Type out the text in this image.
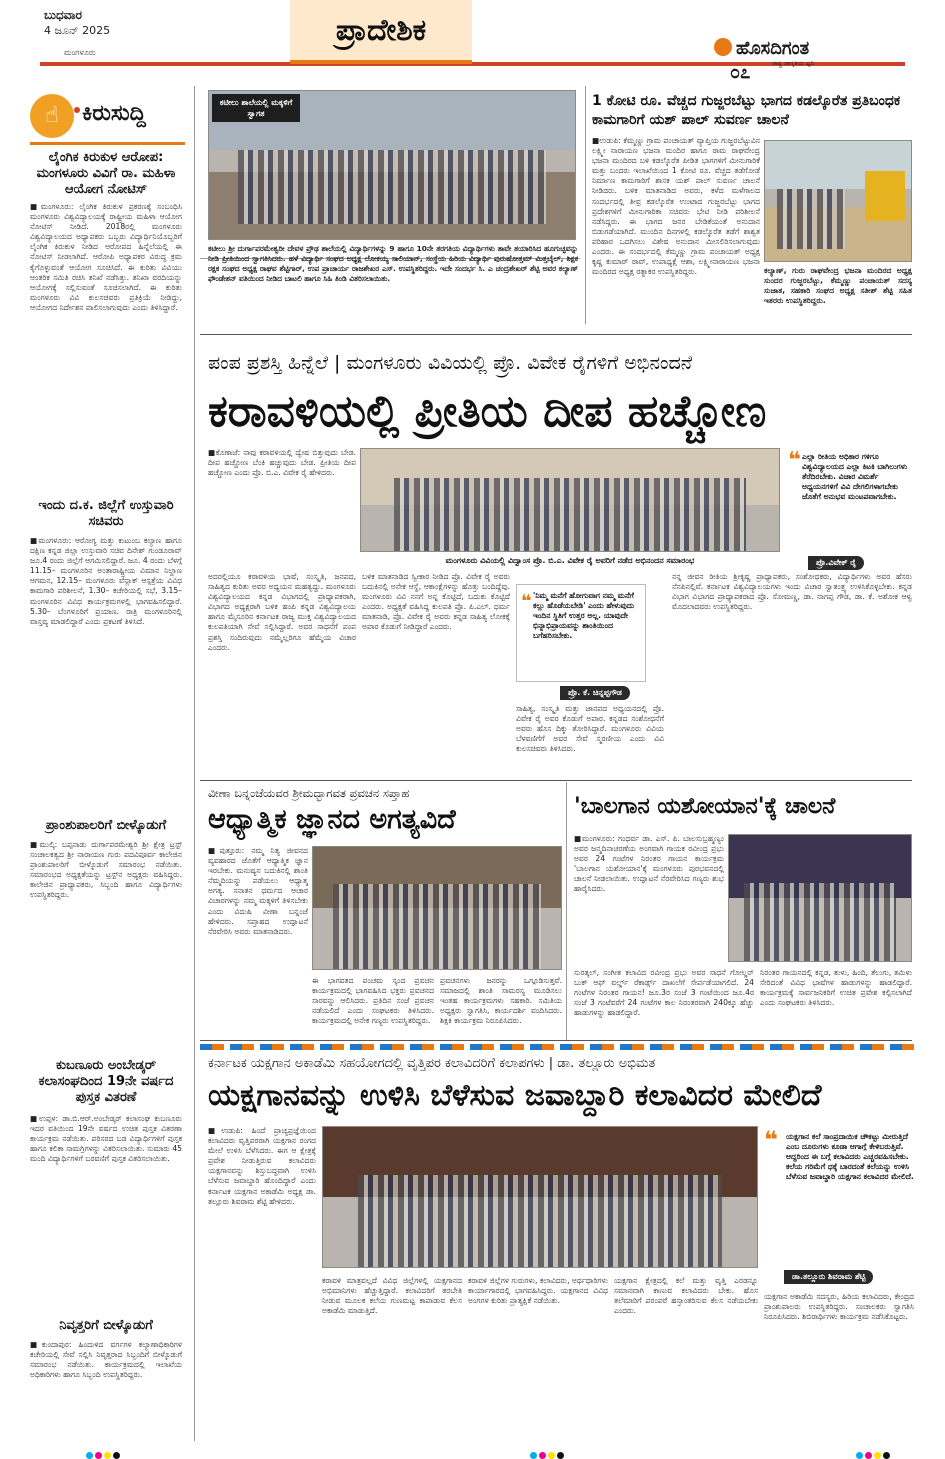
ಬುಧವಾರ
4 ಜೂನ್ 2025
ಮಂಗಳೂರು
ಪ್ರಾದೇಶಿಕ
ಹೊಸದಿಗಂತ
ರಾಷ್ಟ್ರ ಜಾಗೃತಿಯ ಧ್ವನಿ
೦೭
☝	ಕಿರುಸುದ್ದಿ
ಲೈಂಗಿಕ ಕಿರುಕುಳ ಆರೋಪ: ಮಂಗಳೂರು ವಿವಿಗೆ ರಾ. ಮಹಿಳಾ ಆಯೋಗ ನೋಟಿಸ್
■ಮಂಗಳೂರು: ಲೈಂಗಿಕ ಕಿರುಕುಳ ಪ್ರಕರಣಕ್ಕೆ ಸಂಬಂಧಿಸಿ ಮಂಗಳೂರು ವಿಶ್ವವಿದ್ಯಾಲಯಕ್ಕೆ ರಾಷ್ಟ್ರೀಯ ಮಹಿಳಾ ಆಯೋಗ ನೋಟಿಸ್ ನೀಡಿದೆ. 2018ರಲ್ಲಿ ಮಂಗಳೂರು ವಿಶ್ವವಿದ್ಯಾಲಯದ ಅಧ್ಯಾಪಕರು ಒಬ್ಬರು ವಿದ್ಯಾರ್ಥಿನಿಯೊಬ್ಬರಿಗೆ ಲೈಂಗಿಕ ಕಿರುಕುಳ ನೀಡಿದ ಆರೋಪದ ಹಿನ್ನೆಲೆಯಲ್ಲಿ ಈ ನೋಟಿಸ್ ನೀಡಲಾಗಿದೆ. ಆರೋಪಿ ಅಧ್ಯಾಪಕರ ವಿರುದ್ಧ ಕ್ರಮ ಕೈಗೊಳ್ಳುವಂತೆ ಆಯೋಗ ಸೂಚಿಸಿದೆ. ಈ ಕುರಿತು ವಿವಿಯು ಆಂತರಿಕ ಸಮಿತಿ ರಚಿಸಿ ತನಿಖೆ ನಡೆಸಿತ್ತು. ತನಿಖಾ ವರದಿಯನ್ನು ಆಯೋಗಕ್ಕೆ ಸಲ್ಲಿಸುವಂತೆ ಸೂಚಿಸಲಾಗಿದೆ. ಈ ಕುರಿತು ಮಂಗಳೂರು ವಿವಿ ಕುಲಸಚಿವರು ಪ್ರತಿಕ್ರಿಯೆ ನೀಡಿದ್ದು, ಆಯೋಗದ ನಿರ್ದೇಶನ ಪಾಲಿಸಲಾಗುವುದು ಎಂದು ತಿಳಿಸಿದ್ದಾರೆ.
ಇಂದು ದ.ಕ. ಜಿಲ್ಲೆಗೆ ಉಸ್ತುವಾರಿ ಸಚಿವರು
■ಮಂಗಳೂರು: ಆರೋಗ್ಯ ಮತ್ತು ಕುಟುಂಬ ಕಲ್ಯಾಣ ಹಾಗೂ ದಕ್ಷಿಣ ಕನ್ನಡ ಜಿಲ್ಲಾ ಉಸ್ತುವಾರಿ ಸಚಿವ ದಿನೇಶ್ ಗುಂಡೂರಾವ್ ಜೂ.4 ರಂದು ಜಿಲ್ಲೆಗೆ ಆಗಮಿಸಲಿದ್ದಾರೆ. ಜೂ. 4 ರಂದು ಬೆಳಗ್ಗೆ 11.15– ಮಂಗಳೂರಿನ ಅಂತಾರಾಷ್ಟ್ರೀಯ ವಿಮಾನ ನಿಲ್ದಾಣ ಆಗಮನ, 12.15– ಮಂಗಳೂರು ವೆನ್ಲಾಕ್ ಆಸ್ಪತ್ರೆಯ ವಿವಿಧ ಕಾಮಗಾರಿ ಪರಿಶೀಲನೆ, 1.30– ಕಚೇರಿಯಲ್ಲಿ ಸಭೆ, 3.15– ಮಂಗಳೂರಿನ ವಿವಿಧ ಕಾರ್ಯಕ್ರಮಗಳಲ್ಲಿ ಭಾಗವಹಿಸಲಿದ್ದಾರೆ. 5.30– ಬೆಂಗಳೂರಿಗೆ ಪ್ರಯಾಣ. ರಾತ್ರಿ ಮಂಗಳೂರಿನಲ್ಲಿ ವಾಸ್ತವ್ಯ ಮಾಡಲಿದ್ದಾರೆ ಎಂದು ಪ್ರಕಟಣೆ ತಿಳಿಸಿದೆ.
ಪ್ರಾಂಶುಪಾಲರಿಗೆ ಬೀಳ್ಕೊಡುಗೆ
■ಮುಲ್ಕಿ: ಬಪ್ಪನಾಡು ದುರ್ಗಾಪರಮೇಶ್ವರಿ ಶ್ರೀ ಕ್ಷೇತ್ರ ಟ್ರಸ್ಟ್ ಸಂಚಾಲಕತ್ವದ ಶ್ರೀ ನಾರಾಯಣ ಗುರು ಪದವಿಪೂರ್ವ ಕಾಲೇಜಿನ ಪ್ರಾಂಶುಪಾಲರಿಗೆ ಬೀಳ್ಕೊಡುಗೆ ಸಮಾರಂಭ ನಡೆಯಿತು. ಸಮಾರಂಭದ ಅಧ್ಯಕ್ಷತೆಯನ್ನು ಟ್ರಸ್ಟ್‌ನ ಅಧ್ಯಕ್ಷರು ವಹಿಸಿದ್ದರು. ಕಾಲೇಜಿನ ಪ್ರಾಧ್ಯಾಪಕರು, ಸಿಬ್ಬಂದಿ ಹಾಗೂ ವಿದ್ಯಾರ್ಥಿಗಳು ಉಪಸ್ಥಿತರಿದ್ದರು.
ಕುಬಣೂರು ಅಂಬೇಡ್ಕರ್ ಕಲಾಸಂಘದಿಂದ 19ನೇ ವರ್ಷದ ಪುಸ್ತಕ ವಿತರಣೆ
■ಉಪ್ಪಳ: ಡಾ.ಬಿ.ಆರ್.ಅಂಬೇಡ್ಕರ್ ಕಲಾಸಂಘ ಕುಬಣೂರು ಇದರ ವತಿಯಿಂದ 19ನೇ ವರ್ಷದ ಉಚಿತ ಪುಸ್ತಕ ವಿತರಣಾ ಕಾರ್ಯಕ್ರಮ ನಡೆಯಿತು. ಪರಿಸರದ ಬಡ ವಿದ್ಯಾರ್ಥಿಗಳಿಗೆ ಪುಸ್ತಕ ಹಾಗೂ ಕಲಿಕಾ ಸಾಮಗ್ರಿಗಳನ್ನು ವಿತರಿಸಲಾಯಿತು. ಸುಮಾರು 45 ಮಂದಿ ವಿದ್ಯಾರ್ಥಿಗಳಿಗೆ ಬರವಣಿಗೆ ಪುಸ್ತಕ ವಿತರಿಸಲಾಯಿತು.
ನಿವೃತ್ತರಿಗೆ ಬೀಳ್ಕೊಡುಗೆ
■ಕುಂದಾಪುರ: ಹಿಂದುಳಿದ ವರ್ಗಗಳ ಕಲ್ಯಾಣಾಧಿಕಾರಿಗಳ ಕಚೇರಿಯಲ್ಲಿ ಸೇವೆ ಸಲ್ಲಿಸಿ ನಿವೃತ್ತರಾದ ಸಿಬ್ಬಂದಿಗೆ ಬೀಳ್ಕೊಡುಗೆ ಸಮಾರಂಭ ನಡೆಯಿತು. ಕಾರ್ಯಕ್ರಮದಲ್ಲಿ ಇಲಾಖೆಯ ಅಧಿಕಾರಿಗಳು ಹಾಗೂ ಸಿಬ್ಬಂದಿ ಉಪಸ್ಥಿತರಿದ್ದರು.
ಕಟೀಲು ಶಾಲೆಯಲ್ಲಿ ಮಕ್ಕಳಿಗೆ ಸ್ವಾಗತ
ಕಟೀಲು ಶ್ರೀ ದುರ್ಗಾಪರಮೇಶ್ವರೀ ದೇವಳ ಪ್ರೌಢ ಶಾಲೆಯಲ್ಲಿ ವಿದ್ಯಾರ್ಥಿಗಳನ್ನು 9 ಹಾಗೂ 10ನೇ ತರಗತಿಯ ವಿದ್ಯಾರ್ಥಿಗಳು ತಾವೇ ತಯಾರಿಸಿದ ಹೂಗುಚ್ಛವನ್ನು ನೀಡಿ ಪ್ರೀತಿಯಿಂದ ಸ್ವಾಗತಿಸಿದರು. ಹಳೆ ವಿದ್ಯಾರ್ಥಿ ಸಂಘದ ಅಧ್ಯಕ್ಷ ಲೋಕಯ್ಯ ಸಾಲಿಯಾನ್, ಸಂಸ್ಥೆಯ ಹಿರಿಯ ವಿದ್ಯಾರ್ಥಿ ಪುರುಷೋತ್ತಮ್ ಮಿತ್ತಬೈಲ್, ಶಿಕ್ಷಕ ರಕ್ಷಕ ಸಂಘದ ಅಧ್ಯಕ್ಷ ರಾಘವ ಶೆಟ್ಟಿಗಾರ್, ಉಪ ಪ್ರಾಚಾರ್ಯ ರಾಜಶೇಖರ ಎಸ್. ಉಪಸ್ಥಿತರಿದ್ದರು. ಇದೇ ಸಂದರ್ಭ ಸಿ. ಎ ಚಂದ್ರಶೇಖರ್ ಶೆಟ್ಟಿ ಅವರ ಕಲ್ಯಾಣ್ ಫೌಂಡೇಶನ್ ವತಿಯಿಂದ ನೀಡಿದ ಬಾಟಲಿ ಹಾಗೂ ಸಿಹಿ ತಿಂಡಿ ವಿತರಿಸಲಾಯಿತು.
1 ಕೋಟಿ ರೂ. ವೆಚ್ಚದ ಗುಜ್ಜರಬೆಟ್ಟು ಭಾಗದ ಕಡಲ್ಕೊರೆತ ಪ್ರತಿಬಂಧಕ ಕಾಮಗಾರಿಗೆ ಯಶ್ ಪಾಲ್ ಸುವರ್ಣ ಚಾಲನೆ
■ಉಡುಪಿ: ಕೆಮ್ಮಣ್ಣು ಗ್ರಾಮ ಪಂಚಾಯತ್ ವ್ಯಾಪ್ತಿಯ ಗುಜ್ಜರಬೆಟ್ಟುವಿನ ಲಕ್ಷ್ಮೀ ನಾರಾಯಣ ಭಜನಾ ಮಂದಿರ ಹಾಗೂ ರಾಮ ರಾಘವೇಂದ್ರ ಭಜನಾ ಮಂದಿರದ ಬಳಿ ಕಡಲ್ಕೊರೆತ ಪೀಡಿತ ಭಾಗಗಳಿಗೆ ಮೀನುಗಾರಿಕೆ ಮತ್ತು ಬಂದರು ಇಲಾಖೆಯಿಂದ 1 ಕೋಟಿ ರೂ. ವೆಚ್ಚದ ತಡೆಗೋಡೆ ನಿರ್ಮಾಣ ಕಾಮಗಾರಿಗೆ ಶಾಸಕ ಯಶ್ ಪಾಲ್ ಸುವರ್ಣ ಚಾಲನೆ ನೀಡಿದರು. ಬಳಿಕ ಮಾತನಾಡಿದ ಅವರು, ಕಳೆದ ಮಳೆಗಾಲದ ಸಂದರ್ಭದಲ್ಲಿ ತೀವ್ರ ಕಡಲ್ಕೊರೆತ ಉಂಟಾದ ಗುಜ್ಜರಬೆಟ್ಟು ಭಾಗದ ಪ್ರದೇಶಗಳಿಗೆ ಮೀನುಗಾರಿಕಾ ಸಚಿವರು ಭೇಟಿ ನೀಡಿ ಪರಿಶೀಲನೆ ನಡೆಸಿದ್ದರು. ಈ ಭಾಗದ ಜನರ ಬೇಡಿಕೆಯಂತೆ ಅನುದಾನ ಬಿಡುಗಡೆಯಾಗಿದೆ. ಮುಂದಿನ ದಿನಗಳಲ್ಲಿ ಕಡಲ್ಕೊರೆತ ತಡೆಗೆ ಶಾಶ್ವತ ಪರಿಹಾರ ಒದಗಿಸಲು ವಿಶೇಷ ಅನುದಾನ ಮೀಸಲಿರಿಸಲಾಗುವುದು ಎಂದರು. ಈ ಸಂದರ್ಭದಲ್ಲಿ ಕೆಮ್ಮಣ್ಣು ಗ್ರಾಮ ಪಂಚಾಯತ್ ಅಧ್ಯಕ್ಷ ಕೃಷ್ಣ ಕುಮಾರ್ ರಾವ್, ಉಪಾಧ್ಯಕ್ಷೆ ಆಶಾ, ಲಕ್ಷ್ಮೀನಾರಾಯಣ ಭಜನಾ ಮಂದಿರದ ಅಧ್ಯಕ್ಷ ರತ್ನಾಕರ ಉಪಸ್ಥಿತರಿದ್ದರು.	ಕಲ್ಯಾಣ್, ಗುರು ರಾಘವೇಂದ್ರ ಭಜನಾ ಮಂದಿರದ ಅಧ್ಯಕ್ಷ ಸುಂದರ ಗುಜ್ಜರಬೆಟ್ಟು, ಕೆಮ್ಮಣ್ಣು ಪಂಚಾಯತ್ ಸದಸ್ಯ ಸುಜಾತ, ಸಹಕಾರಿ ಸಂಘದ ಅಧ್ಯಕ್ಷ ಸತೀಶ್ ಶೆಟ್ಟಿ ಸಹಿತ ಇತರರು ಉಪಸ್ಥಿತರಿದ್ದರು.
ಪಂಪ ಪ್ರಶಸ್ತಿ ಹಿನ್ನೆಲೆ | ಮಂಗಳೂರು ವಿವಿಯಲ್ಲಿ ಪ್ರೊ. ವಿವೇಕ ರೈಗಳಿಗೆ ಅಭಿನಂದನೆ
ಕರಾವಳಿಯಲ್ಲಿ ಪ್ರೀತಿಯ ದೀಪ ಹಚ್ಚೋಣ
■ಕೊಣಾಜೆ: ನಾವು ಕರಾವಳಿಯಲ್ಲಿ ದ್ವೇಷ ಬಿತ್ತುವುದು ಬೇಡ. ದೀಪ ಹಚ್ಚೋಣ ಬೆಂಕಿ ಹಚ್ಚುವುದು ಬೇಡ. ಪ್ರೀತಿಯ ದೀಪ ಹಚ್ಚೋಣ ಎಂದು ಪ್ರೊ. ಬಿ.ಎ. ವಿವೇಕ ರೈ ಹೇಳಿದರು.
ಮಂಗಳೂರು ವಿವಿಯಲ್ಲಿ ವಿದ್ವಾಂಸ ಪ್ರೊ. ಬಿ.ಎ. ವಿವೇಕ ರೈ ಅವರಿಗೆ ನಡೆದ ಅಭಿನಂದನ ಸಮಾರಂಭ
❝ ಎಲ್ಲಾ ರೀತಿಯ ಅಧಿಕಾರ ಗಳಿಗೂ ವಿಶ್ವವಿದ್ಯಾಲಯದ ಎಲ್ಲಾ ಕಿಟಕಿ ಬಾಗಿಲುಗಳು ತೆರೆದಿರಬೇಕು. ವಿಚಾರ ವಿಮರ್ಶೆ ಅಧ್ಯಯನಗಳಿಗೆ ವಿವಿ ದೇಗಲಿಗಳಾಗಬೇಕು ಜೊತೆಗೆ ಅನುಭವ ಮಂಟಪವಾಗಬೇಕು.
ಪ್ರೊ.ವಿವೇಕ್ ರೈ
ಅದರಲ್ಲಿಯೂ ಕರಾವಳಿಯ ಭಾಷೆ, ಸಂಸ್ಕೃತಿ, ಜನಪದ, ಸಾಹಿತ್ಯದ ಕುರಿತು ಅವರ ಅಧ್ಯಯನ ಮಹತ್ವದ್ದು. ಮಂಗಳೂರು ವಿಶ್ವವಿದ್ಯಾಲಯದ ಕನ್ನಡ ವಿಭಾಗದಲ್ಲಿ ಪ್ರಾಧ್ಯಾಪಕರಾಗಿ, ವಿಭಾಗದ ಅಧ್ಯಕ್ಷರಾಗಿ ಬಳಿಕ ಹಂಪಿ ಕನ್ನಡ ವಿಶ್ವವಿದ್ಯಾಲಯ ಹಾಗೂ ಮೈಸೂರಿನ ಕರ್ನಾಟಕ ರಾಜ್ಯ ಮುಕ್ತ ವಿಶ್ವವಿದ್ಯಾಲಯದ ಕುಲಪತಿಯಾಗಿ ಸೇವೆ ಸಲ್ಲಿಸಿದ್ದಾರೆ. ಅವರ ಸಾಧನೆಗೆ ಪಂಪ ಪ್ರಶಸ್ತಿ ಸಂದಿರುವುದು ನಮ್ಮೆಲ್ಲರಿಗೂ ಹೆಮ್ಮೆಯ ವಿಚಾರ ಎಂದರು.
ಬಳಿಕ ಮಾತನಾಡಿದ ಸ್ವೀಕಾರ ನೀಡಿದ ಪ್ರೊ. ವಿವೇಕ ರೈ ಅವರು ಬದುಕಿನಲ್ಲಿ ಅನೇಕ ಆಸ್ಥೆ, ಆಕಾಂಕ್ಷೆಗಳನ್ನು ಹೊತ್ತು ಬಂದಿದ್ದೆವು. ಮಂಗಳೂರು ವಿವಿ ನನಗೆ ಅನ್ನ ಕೊಟ್ಟಿದೆ, ಬದುಕು ಕೊಟ್ಟಿದೆ ಎಂದರು. ಅಧ್ಯಕ್ಷತೆ ವಹಿಸಿದ್ದ ಕುಲಪತಿ ಪ್ರೊ. ಪಿ.ಎಲ್. ಧರ್ಮ ಮಾತನಾಡಿ, ಪ್ರೊ. ವಿವೇಕ ರೈ ಅವರು ಕನ್ನಡ ಸಾಹಿತ್ಯ ಲೋಕಕ್ಕೆ ಅಪಾರ ಕೊಡುಗೆ ನೀಡಿದ್ದಾರೆ ಎಂದರು.
❝ 'ನಿಮ್ಮ ಮನೆಗೆ ಹೋಗುವಾಗ ನಮ್ಮ ಮನೆಗೆ ಕಲ್ಲು ಹೊಡೆಯಬೇಡಿ' ಎಂದು ಹೇಳುವುದು ಇಂದಿನ ಸ್ಥಿತಿಗೆ ಉತ್ತರ ಅಲ್ಲ. ಯಾವುದೇ ಭಿನ್ನಾಭಿಪ್ರಾಯವನ್ನು ಶಾಂತಿಯಿಂದ ಬಗೆಹರಿಸಬೇಕು.
ಪ್ರೊ. ಕೆ. ಚಿನ್ನಪ್ಪಗೌಡ
ಸಾಹಿತ್ಯ, ಸಂಸ್ಕೃತಿ ಮತ್ತು ಜಾನಪದ ಅಧ್ಯಯನದಲ್ಲಿ ಪ್ರೊ. ವಿವೇಕ ರೈ ಅವರ ಕೊಡುಗೆ ಅಪಾರ. ಕನ್ನಡದ ಸಂಶೋಧನೆಗೆ ಅವರು ಹೊಸ ದಿಕ್ಕು ತೋರಿಸಿದ್ದಾರೆ. ಮಂಗಳೂರು ವಿವಿಯ ಬೆಳವಣಿಗೆಗೆ ಅವರ ಸೇವೆ ಸ್ಮರಣೀಯ ಎಂದು ವಿವಿ ಕುಲಸಚಿವರು ತಿಳಿಸಿದರು.
ನನ್ನ ಜೀವನ ರೀತಿಯ ಶ್ರೀಕೃಷ್ಣ ಪ್ರಾಧ್ಯಾಪಕರು, ಸಂಶೋಧಕರು, ವಿದ್ಯಾರ್ಥಿಗಳು ಅವರ ಹೆಸರು ನೆನಪಿನಲ್ಲಿವೆ. ಕರ್ನಾಟಕ ವಿಶ್ವವಿದ್ಯಾಲಯಗಳು ಇಂದು ವಿಚಾರ ಸ್ವಾತಂತ್ರ್ಯ ಉಳಿಸಿಕೊಳ್ಳಬೇಕು. ಕನ್ನಡ ವಿಭಾಗ ವಿಭಾಗದ ಪ್ರಾಧ್ಯಾಪಕರಾದ ಪ್ರೊ. ಸೋಮಣ್ಣ, ಡಾ. ನಾಗಪ್ಪ ಗೌಡ, ಡಾ. ಕೆ. ಅಶೋಕ ಆಳ್ವ ಮೊದಲಾದವರು ಉಪಸ್ಥಿತರಿದ್ದರು.
ವೀಣಾ ಬನ್ನಂಜೆಯವರ ಶ್ರೀಮದ್ಭಾಗವತ ಪ್ರವಚನ ಸಪ್ತಾಹ
ಆಧ್ಯಾತ್ಮಿಕ ಜ್ಞಾನದ ಅಗತ್ಯವಿದೆ
■ಪುತ್ತೂರು: ನಮ್ಮ ನಿತ್ಯ ಜೀವನದ ವ್ಯವಹಾರದ ಜೊತೆಗೆ ಆಧ್ಯಾತ್ಮಿಕ ಜ್ಞಾನ ಇರಬೇಕು. ಮನುಷ್ಯನ ಬದುಕಿನಲ್ಲಿ ಶಾಂತಿ ನೆಮ್ಮದಿಯನ್ನು ಪಡೆಯಲು ಆಧ್ಯಾತ್ಮ ಅಗತ್ಯ. ಸನಾತನ ಧರ್ಮದ ಆಚಾರ ವಿಚಾರಗಳನ್ನು ನಮ್ಮ ಮಕ್ಕಳಿಗೆ ತಿಳಿಸಬೇಕು ಎಂದು ವಿದುಷಿ ವೀಣಾ ಬನ್ನಂಜೆ ಹೇಳಿದರು. ಸಪ್ತಾಹದ ಉದ್ಘಾಟನೆ ನೆರವೇರಿಸಿ ಅವರು ಮಾತನಾಡಿದರು.
ಈ ಭಾಗವತದ ಪಂಚಮ ಸ್ಕಂದ ಪ್ರವಚನ ಕಾರ್ಯಕ್ರಮದಲ್ಲಿ ಭಾಗವಹಿಸಿದ ಭಕ್ತರು ಪ್ರವಚನದ ಸಾರವನ್ನು ಆಲಿಸಿದರು. ಪ್ರತಿದಿನ ಸಂಜೆ ಪ್ರವಚನ ನಡೆಯಲಿದೆ ಎಂದು ಸಂಘಟಕರು ತಿಳಿಸಿದರು. ಕಾರ್ಯಕ್ರಮದಲ್ಲಿ ಅನೇಕ ಗಣ್ಯರು ಉಪಸ್ಥಿತರಿದ್ದರು.
ಪ್ರವಚನಗಳು ಜನರನ್ನು ಒಗ್ಗೂಡಿಸುತ್ತವೆ. ಸಮಾಜದಲ್ಲಿ ಶಾಂತಿ ಸಾಮರಸ್ಯ ಮೂಡಿಸಲು ಇಂತಹ ಕಾರ್ಯಕ್ರಮಗಳು ಸಹಕಾರಿ. ಸಮಿತಿಯ ಅಧ್ಯಕ್ಷರು ಸ್ವಾಗತಿಸಿ, ಕಾರ್ಯದರ್ಶಿ ವಂದಿಸಿದರು. ಶಿಕ್ಷಕಿ ಕಾರ್ಯಕ್ರಮ ನಿರೂಪಿಸಿದರು.
'ಬಾಲಗಾನ ಯಶೋಯಾನ'ಕ್ಕೆ ಚಾಲನೆ
■ಮಂಗಳೂರು: ಗಂಧರ್ವ ಡಾ. ಎಸ್. ಪಿ. ಬಾಲಸುಬ್ರಹ್ಮಣ್ಯಂ ಅವರ ಜನ್ಮದಿನಾಚರಣೆಯ ಅಂಗವಾಗಿ ಗಾಯಕ ರವೀಂದ್ರ ಪ್ರಭು ಅವರ 24 ಗಂಟೆಗಳ ನಿರಂತರ ಗಾಯನ ಕಾರ್ಯಕ್ರಮ 'ಬಾಲಗಾನ ಯಶೋಯಾನ'ಕ್ಕೆ ಮಂಗಳೂರು ಪುರಭವನದಲ್ಲಿ ಚಾಲನೆ ನೀಡಲಾಯಿತು. ಉದ್ಘಾಟನೆ ನೆರವೇರಿಸಿದ ಗಣ್ಯರು ಶುಭ ಹಾರೈಸಿದರು.
ಸುರತ್ಕಲ್, ಸಂಗೀತ ಕಲಾವಿದ ರವೀಂದ್ರ ಪ್ರಭು ಅವರ ಸಾಧನೆ ಗೋಲ್ಡನ್ ಬುಕ್ ಆಫ್ ವರ್ಲ್ಡ್ ರೆಕಾರ್ಡ್ಸ್ ದಾಖಲೆಗೆ ಸೇರ್ಪಡೆಯಾಗಲಿದೆ. 24 ಗಂಟೆಗಳ ನಿರಂತರ ಗಾಯನ! ಜೂ.3ರ ಸಂಜೆ 3 ಗಂಟೆಯಿಂದ ಜೂ.4ರ ಸಂಜೆ 3 ಗಂಟೆವರೆಗೆ 24 ಗಂಟೆಗಳ ಕಾಲ ನಿರಂತರವಾಗಿ 240ಕ್ಕೂ ಹೆಚ್ಚು ಹಾಡುಗಳನ್ನು ಹಾಡಲಿದ್ದಾರೆ.
ನಿರಂತರ ಗಾಯನದಲ್ಲಿ ಕನ್ನಡ, ತುಳು, ಹಿಂದಿ, ತೆಲುಗು, ತಮಿಳು ಸೇರಿದಂತೆ ವಿವಿಧ ಭಾಷೆಗಳ ಹಾಡುಗಳನ್ನು ಹಾಡಲಿದ್ದಾರೆ. ಕಾರ್ಯಕ್ರಮಕ್ಕೆ ಸಾರ್ವಜನಿಕರಿಗೆ ಉಚಿತ ಪ್ರವೇಶ ಕಲ್ಪಿಸಲಾಗಿದೆ ಎಂದು ಸಂಘಟಕರು ತಿಳಿಸಿದರು.
ಕರ್ನಾಟಕ ಯಕ್ಷಗಾನ ಅಕಾಡೆಮಿ ಸಹಯೋಗದಲ್ಲಿ ವೃತ್ತಿಪರ ಕಲಾವಿದರಿಗೆ ಕಲಾಪಗಳು | ಡಾ. ತಲ್ಲೂರು ಅಭಿಮತ
ಯಕ್ಷಗಾನವನ್ನು ಉಳಿಸಿ ಬೆಳೆಸುವ ಜವಾಬ್ದಾರಿ ಕಲಾವಿದರ ಮೇಲಿದೆ
■ಉಡುಪಿ: ಹಿಂದೆ ಪ್ರಾಚ್ಯಪ್ರಜ್ಞೆಯಿಂದ ಕಲಾವಿದರು ವೃತ್ತಿಪರರಾಗಿ ಯಕ್ಷಗಾನ ರಂಗದ ಮೇಲೆ ಉಳಿಸಿ ಬೆಳೆಸಿದರು. ಈಗ ಆ ಕ್ಷೇತ್ರಕ್ಕೆ ಪ್ರವೇಶ ನೀಡುತ್ತಿರುವ ಕಲಾವಿದರು ಯಕ್ಷಗಾನವನ್ನು ಶಿಸ್ತುಬದ್ಧವಾಗಿ ಉಳಿಸಿ ಬೆಳೆಸುವ ಜವಾಬ್ದಾರಿ ಹೊಂದಿದ್ದಾರೆ ಎಂದು ಕರ್ನಾಟಕ ಯಕ್ಷಗಾನ ಅಕಾಡೆಮಿ ಅಧ್ಯಕ್ಷ ಡಾ. ತಲ್ಲೂರು ಶಿವರಾಮ ಶೆಟ್ಟಿ ಹೇಳಿದರು.
ಕರಾವಳಿ ಮಾತ್ರವಲ್ಲದೆ ವಿವಿಧ ಜಿಲ್ಲೆಗಳಲ್ಲಿ ಯಕ್ಷಗಾನದ ಅಭಿಮಾನಿಗಳು ಹೆಚ್ಚುತ್ತಿದ್ದಾರೆ. ಕಲಾವಿದರಿಗೆ ತರಬೇತಿ ನೀಡುವ ಮೂಲಕ ಕಲೆಯ ಗುಣಮಟ್ಟ ಕಾಪಾಡುವ ಕೆಲಸ ಅಕಾಡೆಮಿ ಮಾಡುತ್ತಿದೆ.
ಕರಾವಳಿ ಜಿಲ್ಲೆಗಳ ಗುರುಗಳು, ಕಲಾವಿದರು, ಅರ್ಥಧಾರಿಗಳು ಕಾರ್ಯಾಗಾರದಲ್ಲಿ ಭಾಗವಹಿಸಿದ್ದರು. ಯಕ್ಷಗಾನದ ವಿವಿಧ ಅಂಗಗಳ ಕುರಿತು ಪ್ರಾತ್ಯಕ್ಷಿಕೆ ನಡೆಯಿತು.
ಯಕ್ಷಗಾನ ಕ್ಷೇತ್ರದಲ್ಲಿ ಕಲೆ ಮತ್ತು ವೃತ್ತಿ ಎರಡನ್ನೂ ಸಮಾನವಾಗಿ ಕಾಣುವ ಕಲಾವಿದರು ಬೇಕು. ಹೊಸ ತಲೆಮಾರಿಗೆ ಪರಂಪರೆ ಹಸ್ತಾಂತರಿಸುವ ಕೆಲಸ ನಡೆಯಬೇಕು ಎಂದರು.
❝	ಯಕ್ಷಗಾನ ಕಲೆ ಸಾಂಪ್ರದಾಯಿಕ ಚೌಕಟ್ಟು ಮೀರುತ್ತಿದೆ ಎಂಬ ದೂರುಗಳು ಕೂಡಾ ಆಗಾಗ್ಗೆ ಕೇಳಿಬರುತ್ತಿವೆ. ಆದ್ದರಿಂದ ಈ ಬಗ್ಗೆ ಕಲಾವಿದರು ಎಚ್ಚರವಹಿಸಬೇಕು. ಕಲೆಯ ಗರಿಮೆಗೆ ಧಕ್ಕೆ ಬಾರದಂತೆ ಕಲೆಯನ್ನು ಉಳಿಸಿ ಬೆಳೆಸುವ ಜವಾಬ್ದಾರಿ ಯಕ್ಷಗಾನ ಕಲಾವಿದರ ಮೇಲಿದೆ.
ಡಾ.ತಲ್ಲೂರು ಶಿವರಾಮ ಶೆಟ್ಟಿ
ಯಕ್ಷಗಾನ ಅಕಾಡೆಮಿ ಸದಸ್ಯರು, ಹಿರಿಯ ಕಲಾವಿದರು, ಕೇಂದ್ರದ ಪ್ರಾಂಶುಪಾಲರು ಉಪಸ್ಥಿತರಿದ್ದರು. ಸಂಚಾಲಕರು ಸ್ವಾಗತಿಸಿ ನಿರೂಪಿಸಿದರು. ಶಿಬಿರಾರ್ಥಿಗಳು ಕಾರ್ಯಕ್ರಮ ನಡೆಸಿಕೊಟ್ಟರು.
